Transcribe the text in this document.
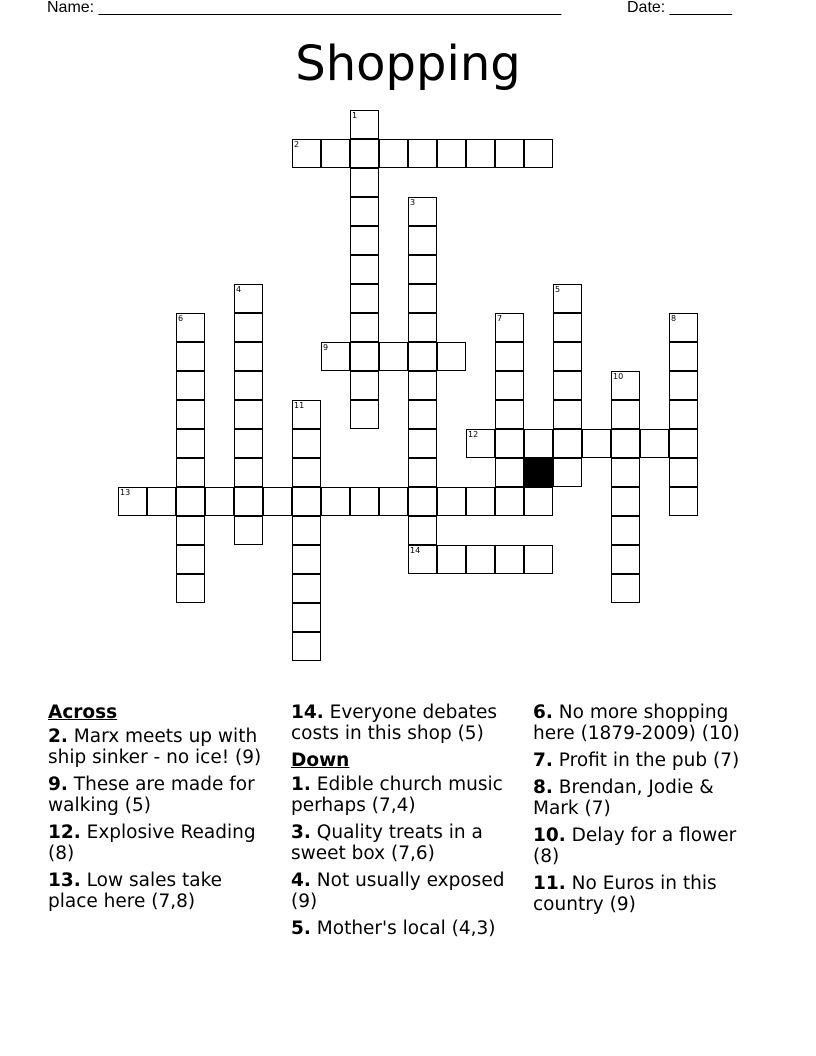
Name: ____________________________________________________	Date: _______
Shopping
1
2
3
14
4	5
6	7	8
9
10
11
12
13
Across
2. Marx meets up with ship sinker - no ice! (9)
9. These are made for walking (5)
12. Explosive Reading (8)
13. Low sales take place here (7,8)
14. Everyone debates costs in this shop (5)
Down
1. Edible church music perhaps (7,4)
3. Quality treats in a sweet box (7,6)
4. Not usually exposed (9)
5. Mother's local (4,3)
6. No more shopping here (1879-2009) (10)
7. Profit in the pub (7)
8. Brendan, Jodie & Mark (7)
10. Delay for a flower (8)
11. No Euros in this country (9)
